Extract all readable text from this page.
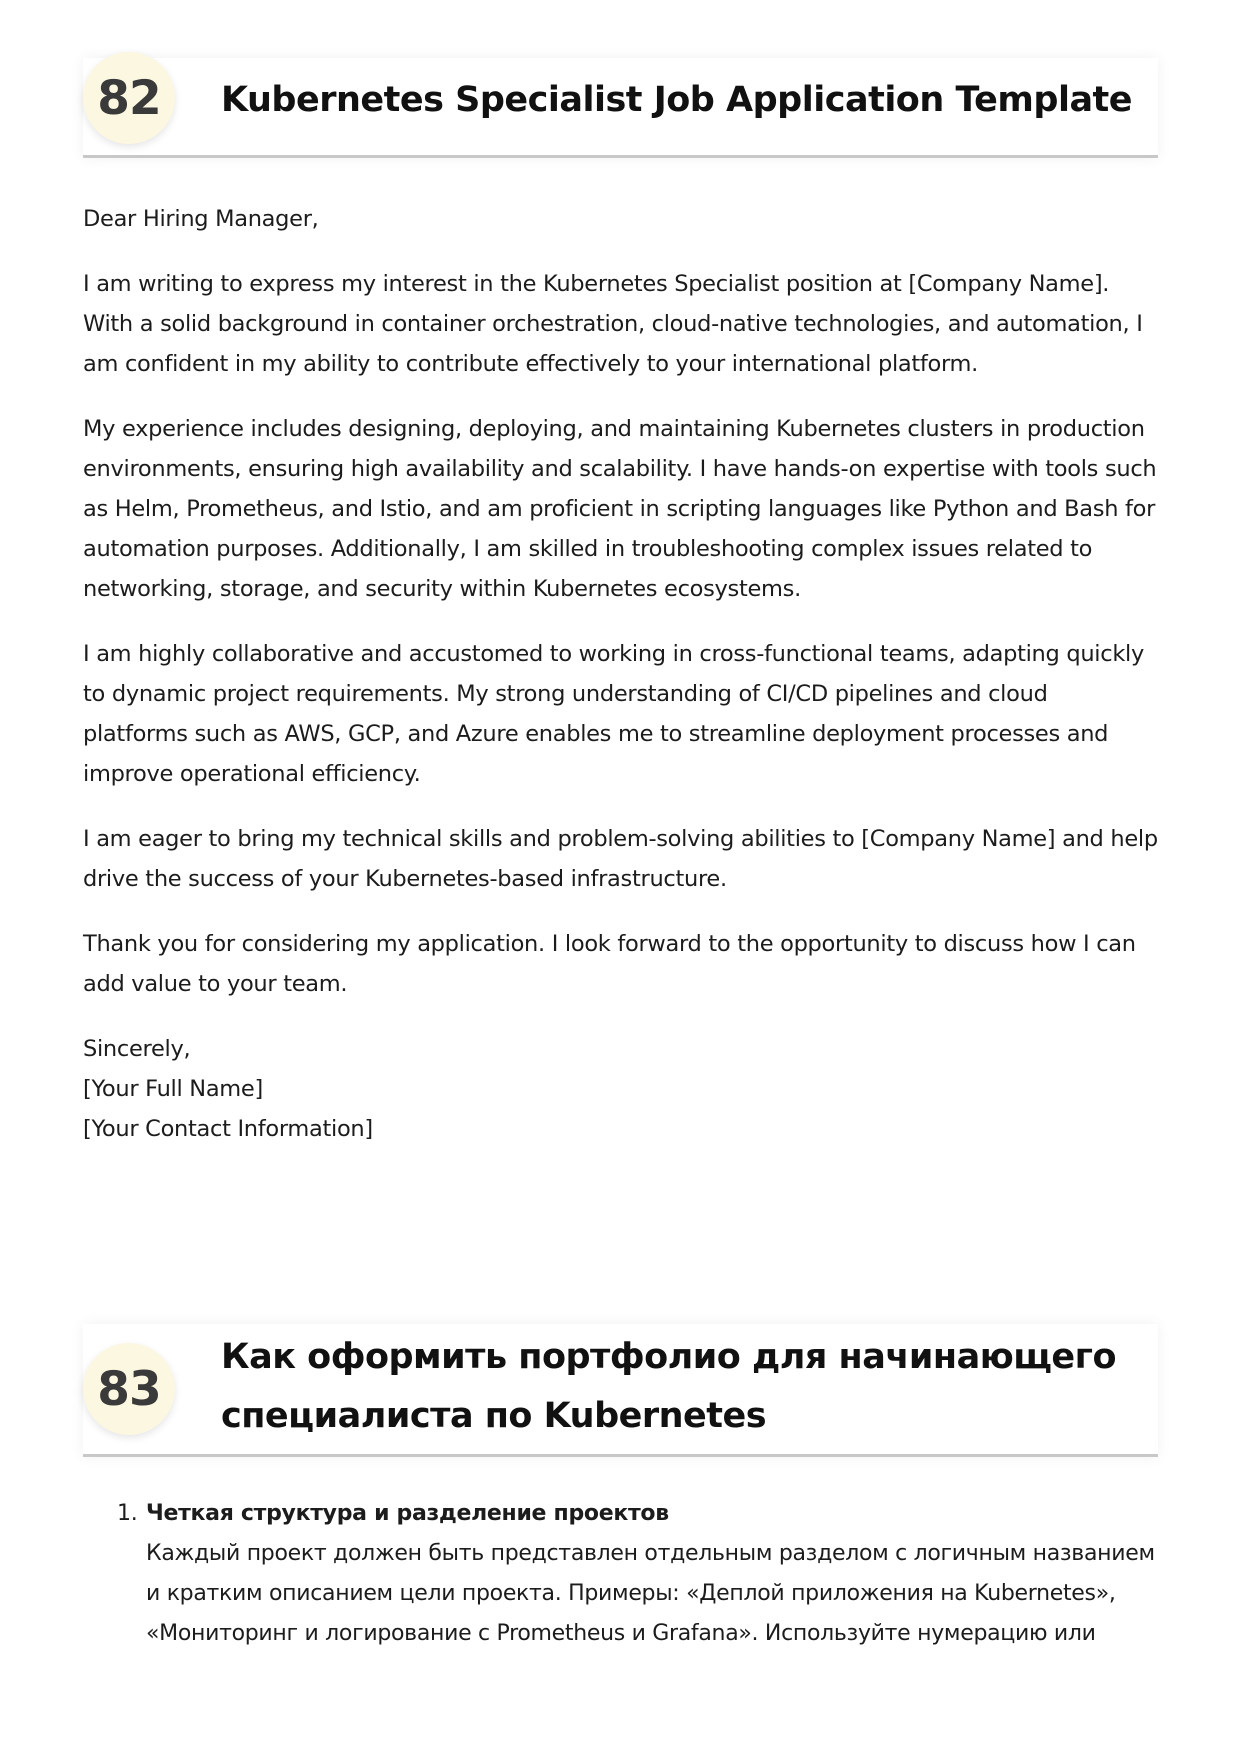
82	Kubernetes Specialist Job Application Template

Dear Hiring Manager,

I am writing to express my interest in the Kubernetes Specialist position at [Company Name]. With a solid background in container orchestration, cloud-native technologies, and automation, I am confident in my ability to contribute effectively to your international platform.

My experience includes designing, deploying, and maintaining Kubernetes clusters in production environments, ensuring high availability and scalability. I have hands-on expertise with tools such as Helm, Prometheus, and Istio, and am proficient in scripting languages like Python and Bash for automation purposes. Additionally, I am skilled in troubleshooting complex issues related to networking, storage, and security within Kubernetes ecosystems.

I am highly collaborative and accustomed to working in cross-functional teams, adapting quickly to dynamic project requirements. My strong understanding of CI/CD pipelines and cloud platforms such as AWS, GCP, and Azure enables me to streamline deployment processes and improve operational efficiency.

I am eager to bring my technical skills and problem-solving abilities to [Company Name] and help drive the success of your Kubernetes-based infrastructure.

Thank you for considering my application. I look forward to the opportunity to discuss how I can add value to your team.

Sincerely,

[Your Full Name]

[Your Contact Information]

83
Как оформить портфолио для начинающего специалиста по Kubernetes
1. Четкая структура и разделение проектов
Каждый проект должен быть представлен отдельным разделом с логичным названием и кратким описанием цели проекта. Примеры: «Деплой приложения на Kubernetes», «Мониторинг и логирование с Prometheus и Grafana». Используйте нумерацию или
